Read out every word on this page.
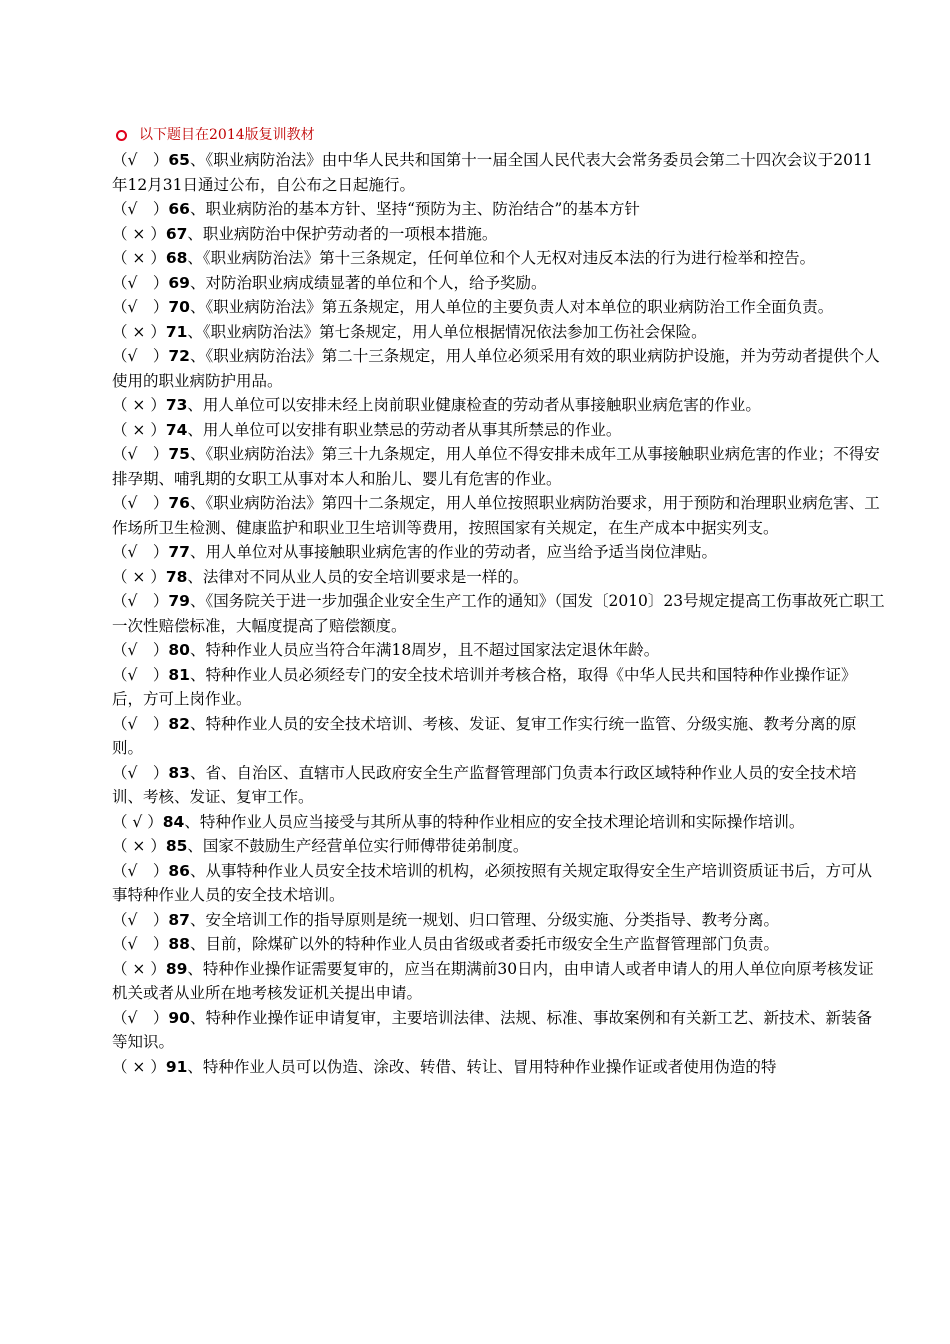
以下题目在2014版复训教材

（√　）65、《职业病防治法》由中华人民共和国第十一届全国人民代表大会常务委员会第二十四次会议于2011年12月31日通过公布，自公布之日起施行。

（√　）66、职业病防治的基本方针、坚持“预防为主、防治结合”的基本方针

（ × ）67、职业病防治中保护劳动者的一项根本措施。

（ × ）68、《职业病防治法》第十三条规定，任何单位和个人无权对违反本法的行为进行检举和控告。

（√　）69、对防治职业病成绩显著的单位和个人，给予奖励。

（√　）70、《职业病防治法》第五条规定，用人单位的主要负责人对本单位的职业病防治工作全面负责。

（ × ）71、《职业病防治法》第七条规定，用人单位根据情况依法参加工伤社会保险。

（√　）72、《职业病防治法》第二十三条规定，用人单位必须采用有效的职业病防护设施，并为劳动者提供个人使用的职业病防护用品。

（ × ）73、用人单位可以安排未经上岗前职业健康检查的劳动者从事接触职业病危害的作业。

（ × ）74、用人单位可以安排有职业禁忌的劳动者从事其所禁忌的作业。

（√　）75、《职业病防治法》第三十九条规定，用人单位不得安排未成年工从事接触职业病危害的作业；不得安排孕期、哺乳期的女职工从事对本人和胎儿、婴儿有危害的作业。

（√　）76、《职业病防治法》第四十二条规定，用人单位按照职业病防治要求，用于预防和治理职业病危害、工作场所卫生检测、健康监护和职业卫生培训等费用，按照国家有关规定，在生产成本中据实列支。

（√　）77、用人单位对从事接触职业病危害的作业的劳动者，应当给予适当岗位津贴。

（ × ）78、法律对不同从业人员的安全培训要求是一样的。

（√　）79、《国务院关于进一步加强企业安全生产工作的通知》（国发〔2010〕23号规定提高工伤事故死亡职工一次性赔偿标准，大幅度提高了赔偿额度。

（√　）80、特种作业人员应当符合年满18周岁，且不超过国家法定退休年龄。

（√　）81、特种作业人员必须经专门的安全技术培训并考核合格，取得《中华人民共和国特种作业操作证》后，方可上岗作业。

（√　）82、特种作业人员的安全技术培训、考核、发证、复审工作实行统一监管、分级实施、教考分离的原则。

（√　）83、省、自治区、直辖市人民政府安全生产监督管理部门负责本行政区域特种作业人员的安全技术培训、考核、发证、复审工作。

（ √ ）84、特种作业人员应当接受与其所从事的特种作业相应的安全技术理论培训和实际操作培训。

（ × ）85、国家不鼓励生产经营单位实行师傅带徒弟制度。

（√　）86、从事特种作业人员安全技术培训的机构，必须按照有关规定取得安全生产培训资质证书后，方可从事特种作业人员的安全技术培训。

（√　）87、安全培训工作的指导原则是统一规划、归口管理、分级实施、分类指导、教考分离。

（√　）88、目前，除煤矿以外的特种作业人员由省级或者委托市级安全生产监督管理部门负责。

（ × ）89、特种作业操作证需要复审的，应当在期满前30日内，由申请人或者申请人的用人单位向原考核发证机关或者从业所在地考核发证机关提出申请。

（√　）90、特种作业操作证申请复审，主要培训法律、法规、标准、事故案例和有关新工艺、新技术、新装备等知识。

（ × ）91、特种作业人员可以伪造、涂改、转借、转让、冒用特种作业操作证或者使用伪造的特
